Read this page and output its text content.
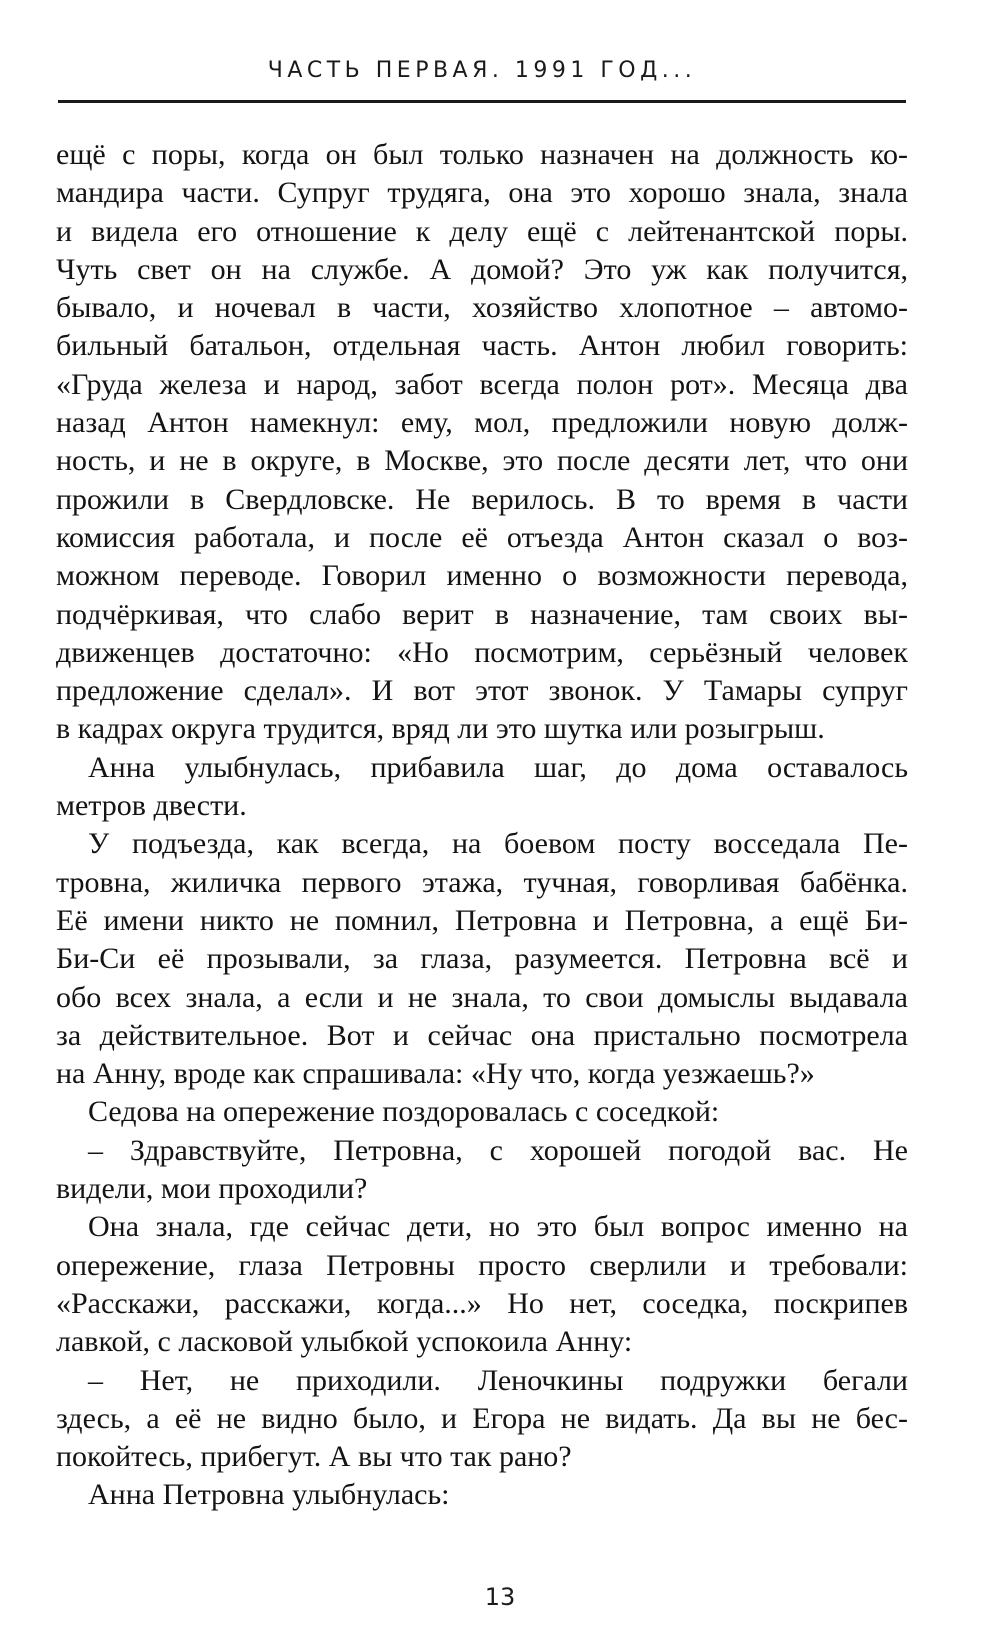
ЧАСТЬ ПЕРВАЯ. 1991 ГОД...
ещё с поры, когда он был только назначен на должность ко-
мандира части. Супруг трудяга, она это хорошо знала, знала
и видела его отношение к делу ещё с лейтенантской поры.
Чуть свет он на службе. А домой? Это уж как получится,
бывало, и ночевал в части, хозяйство хлопотное – автомо-
бильный батальон, отдельная часть. Антон любил говорить:
«Груда железа и народ, забот всегда полон рот». Месяца два
назад Антон намекнул: ему, мол, предложили новую долж-
ность, и не в округе, в Москве, это после десяти лет, что они
прожили в Свердловске. Не верилось. В то время в части
комиссия работала, и после её отъезда Антон сказал о воз-
можном переводе. Говорил именно о возможности перевода,
подчёркивая, что слабо верит в назначение, там своих вы-
движенцев достаточно: «Но посмотрим, серьёзный человек
предложение сделал». И вот этот звонок. У Тамары супруг
в кадрах округа трудится, вряд ли это шутка или розыгрыш.
Анна улыбнулась, прибавила шаг, до дома оставалось
метров двести.
У подъезда, как всегда, на боевом посту восседала Пе-
тровна, жиличка первого этажа, тучная, говорливая бабёнка.
Её имени никто не помнил, Петровна и Петровна, а ещё Би-
Би-Си её прозывали, за глаза, разумеется. Петровна всё и
обо всех знала, а если и не знала, то свои домыслы выдавала
за действительное. Вот и сейчас она пристально посмотрела
на Анну, вроде как спрашивала: «Ну что, когда уезжаешь?»
Седова на опережение поздоровалась с соседкой:
– Здравствуйте, Петровна, с хорошей погодой вас. Не
видели, мои проходили?
Она знала, где сейчас дети, но это был вопрос именно на
опережение, глаза Петровны просто сверлили и требовали:
«Расскажи, расскажи, когда...» Но нет, соседка, поскрипев
лавкой, с ласковой улыбкой успокоила Анну:
– Нет, не приходили. Леночкины подружки бегали
здесь, а её не видно было, и Егора не видать. Да вы не бес-
покойтесь, прибегут. А вы что так рано?
Анна Петровна улыбнулась:
13
